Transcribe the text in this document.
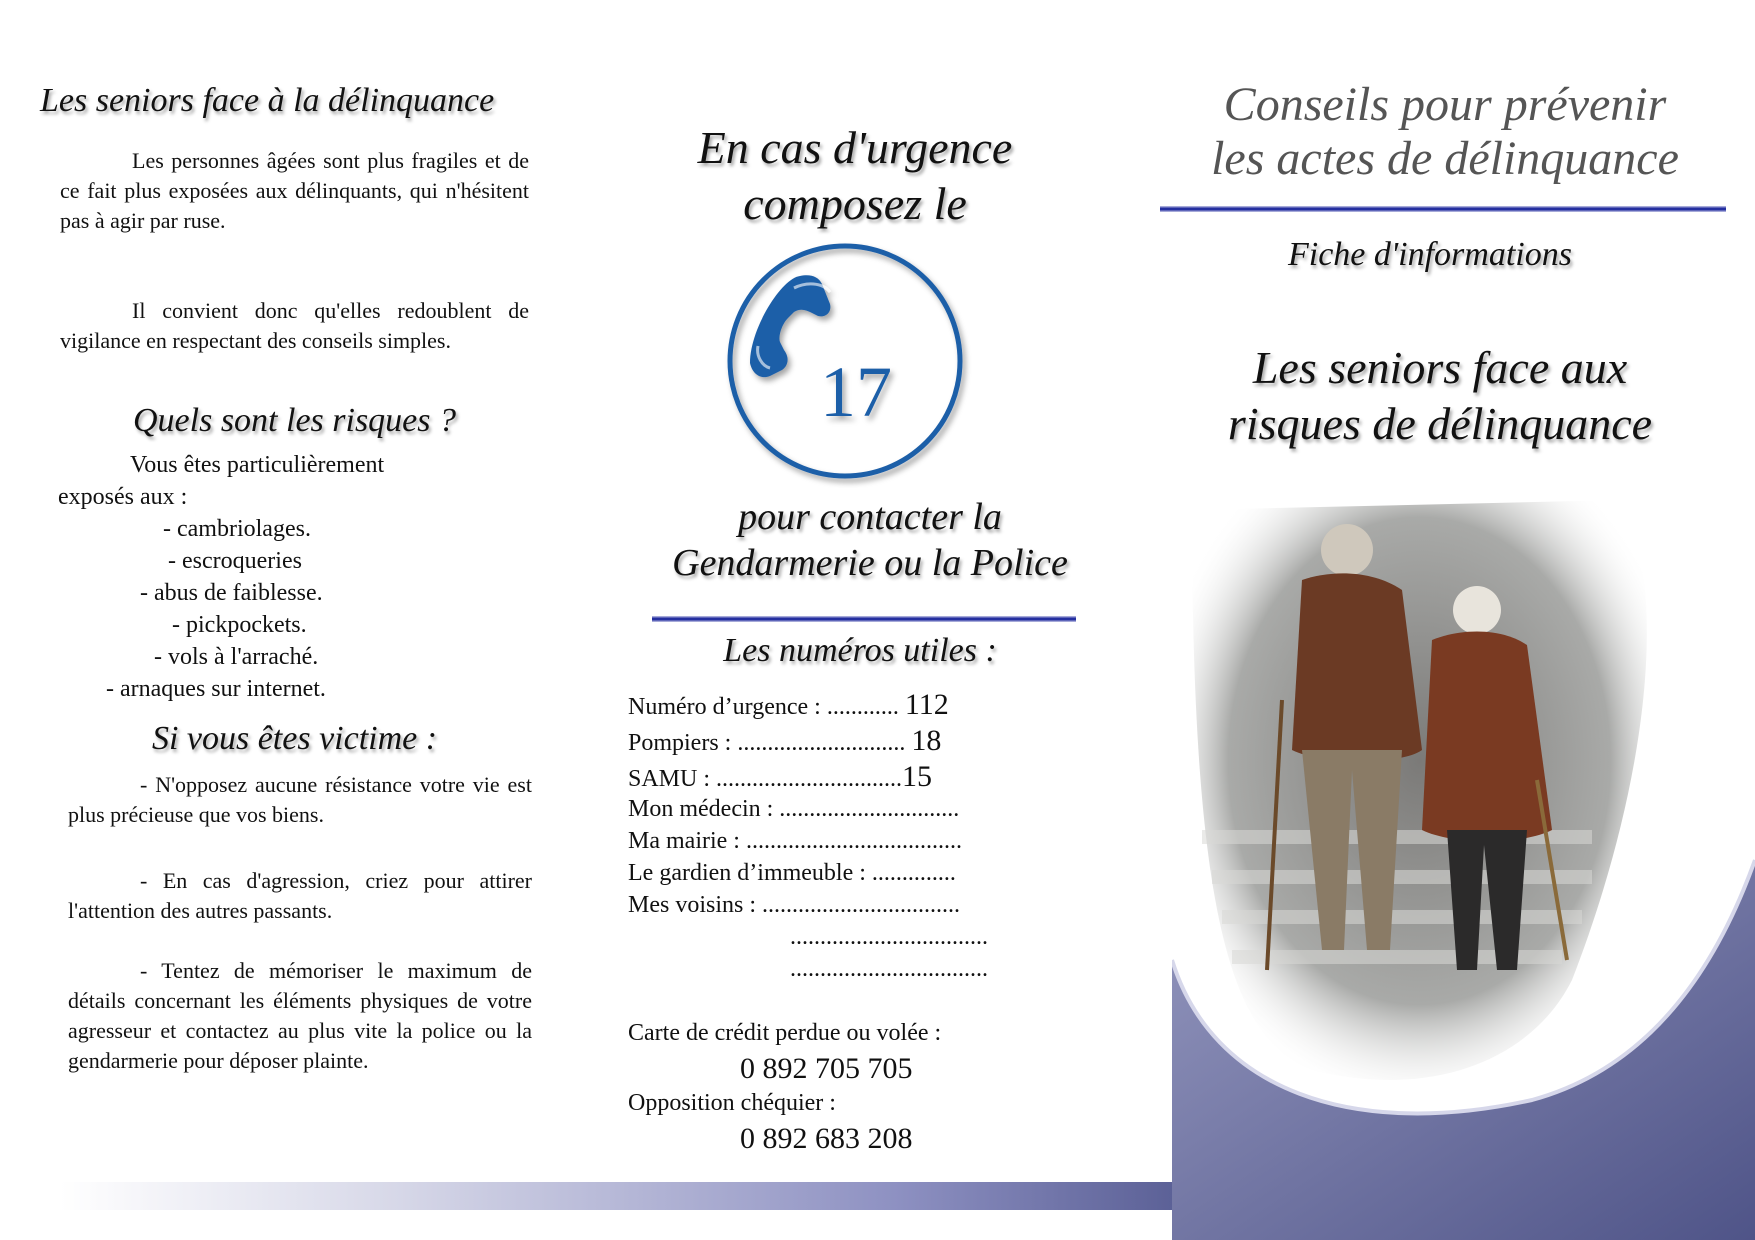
Les seniors face à la délinquance

Les personnes âgées sont plus fragiles et de ce fait plus exposées aux délinquants, qui n'hésitent pas à agir par ruse.

Il convient donc qu'elles redoublent de vigilance en respectant des conseils simples.

Quels sont les risques ?
Vous êtes particulièrement
exposés aux :
- cambriolages.
- escroqueries
- abus de faiblesse.
- pickpockets.
- vols à l'arraché.
- arnaques sur internet.
Si vous êtes victime :

- N'opposez aucune résistance votre vie est plus précieuse que vos biens.

- En cas d'agression, criez pour attirer l'attention des autres passants.

- Tentez de mémoriser le maximum de détails concernant les éléments physiques de votre agresseur et contactez au plus vite la police ou la gendarmerie pour déposer plainte.

En cas d'urgence
composez le
17
pour contacter la
Gendarmerie ou la Police
Les numéros utiles :
Numéro d’urgence : ............ 112
Pompiers : ............................ 18
SAMU : ...............................15
Mon médecin : ..............................
Ma mairie : ....................................
Le gardien d’immeuble : ..............
Mes voisins : .................................
.................................
.................................
Carte de crédit perdue ou volée :
0 892 705 705
Opposition chéquier :
0 892 683 208
Conseils pour prévenir
les actes de délinquance
Fiche d'informations
Les seniors face aux
risques de délinquance
